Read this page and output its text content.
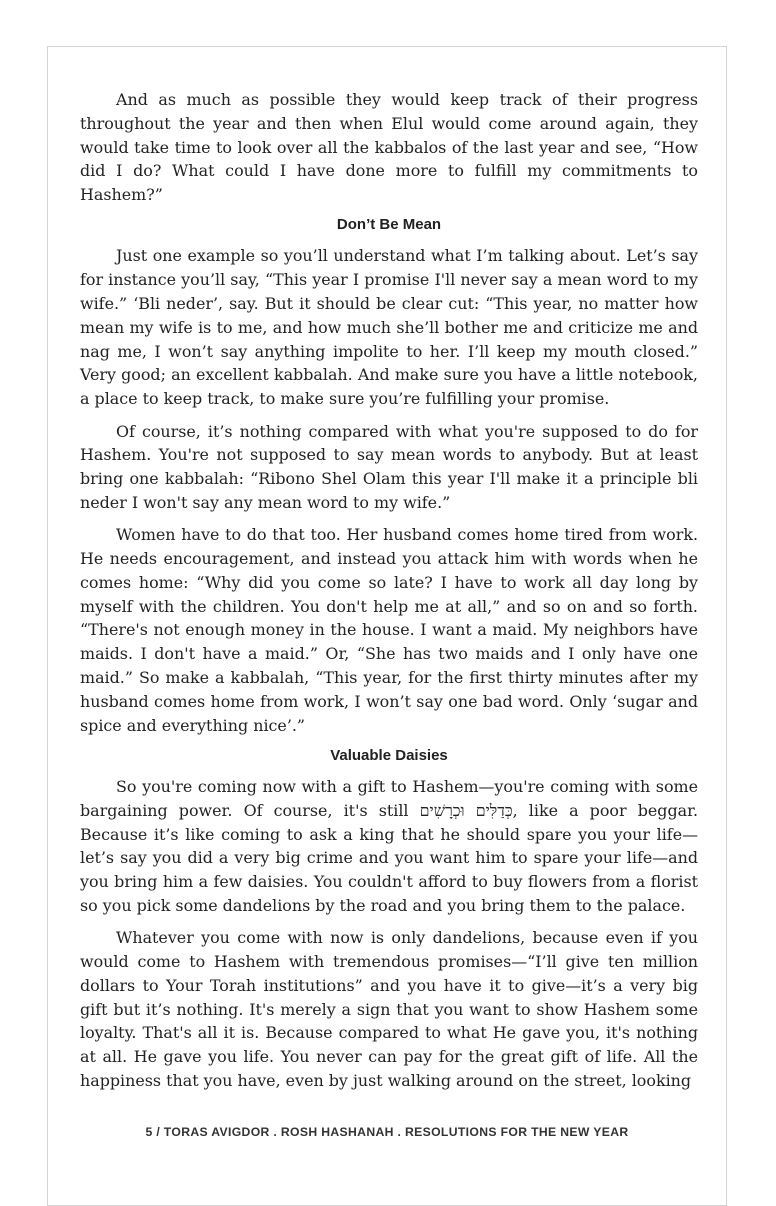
And as much as possible they would keep track of their progress throughout the year and then when Elul would come around again, they would take time to look over all the kabbalos of the last year and see, “How did I do? What could I have done more to fulfill my commitments to Hashem?”

Don’t Be Mean

Just one example so you’ll understand what I’m talking about. Let’s say for instance you’ll say, “This year I promise I'll never say a mean word to my wife.” ‘Bli neder’, say. But it should be clear cut: “This year, no matter how mean my wife is to me, and how much she’ll bother me and criticize me and nag me, I won’t say anything impolite to her. I’ll keep my mouth closed.” Very good; an excellent kabbalah. And make sure you have a little notebook, a place to keep track, to make sure you’re fulfilling your promise.

Of course, it’s nothing compared with what you're supposed to do for Hashem. You're not supposed to say mean words to anybody. But at least bring one kabbalah: “Ribono Shel Olam this year I'll make it a principle bli neder I won't say any mean word to my wife.”

Women have to do that too. Her husband comes home tired from work. He needs encouragement, and instead you attack him with words when he comes home: “Why did you come so late? I have to work all day long by myself with the children. You don't help me at all,” and so on and so forth. “There's not enough money in the house. I want a maid. My neighbors have maids. I don't have a maid.” Or, “She has two maids and I only have one maid.” So make a kabbalah, “This year, for the first thirty minutes after my husband comes home from work, I won’t say one bad word. Only ‘sugar and spice and everything nice’.”

Valuable Daisies

So you're coming now with a gift to Hashem—you're coming with some bargaining power. Of course, it's still כְּדַלִּים וּכְרָשִׁים, like a poor beggar. Because it’s like coming to ask a king that he should spare you your life—let’s say you did a very big crime and you want him to spare your life—and you bring him a few daisies. You couldn't afford to buy flowers from a florist so you pick some dandelions by the road and you bring them to the palace.

Whatever you come with now is only dandelions, because even if you would come to Hashem with tremendous promises—“I’ll give ten million dollars to Your Torah institutions” and you have it to give—it’s a very big gift but it’s nothing. It's merely a sign that you want to show Hashem some loyalty. That's all it is. Because compared to what He gave you, it's nothing at all. He gave you life. You never can pay for the great gift of life. All the happiness that you have, even by just walking around on the street, looking

5 / TORAS AVIGDOR . ROSH HASHANAH . RESOLUTIONS FOR THE NEW YEAR
